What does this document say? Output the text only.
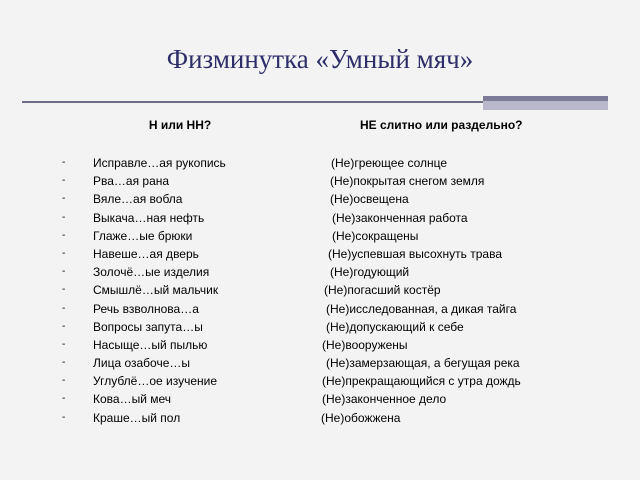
Физминутка «Умный мяч»
Н или НН?	НЕ слитно или раздельно?
- Исправле…ая рукопись
- Рва…ая рана
- Вяле…ая вобла
- Выкача…ная нефть
- Глаже…ые брюки
- Навеше…ая дверь
- Золочё…ые изделия
- Смышлё…ый мальчик
- Речь взволнова…а
- Вопросы запута…ы
- Насыще…ый пылью
- Лица озабоче…ы
- Углублё…ое изучение
- Кова…ый меч
- Краше…ый пол
(Не)греющее солнце
(Не)покрытая снегом земля
(Не)освещена
(Не)законченная работа
(Не)сокращены
(Не)успевшая высохнуть трава
(Не)годующий
(Не)погасший костёр
(Не)исследованная, а дикая тайга
(Не)допускающий к себе
(Не)вооружены
(Не)замерзающая, а бегущая река
(Не)прекращающийся с утра дождь
(Не)законченное дело
(Не)обожжена
